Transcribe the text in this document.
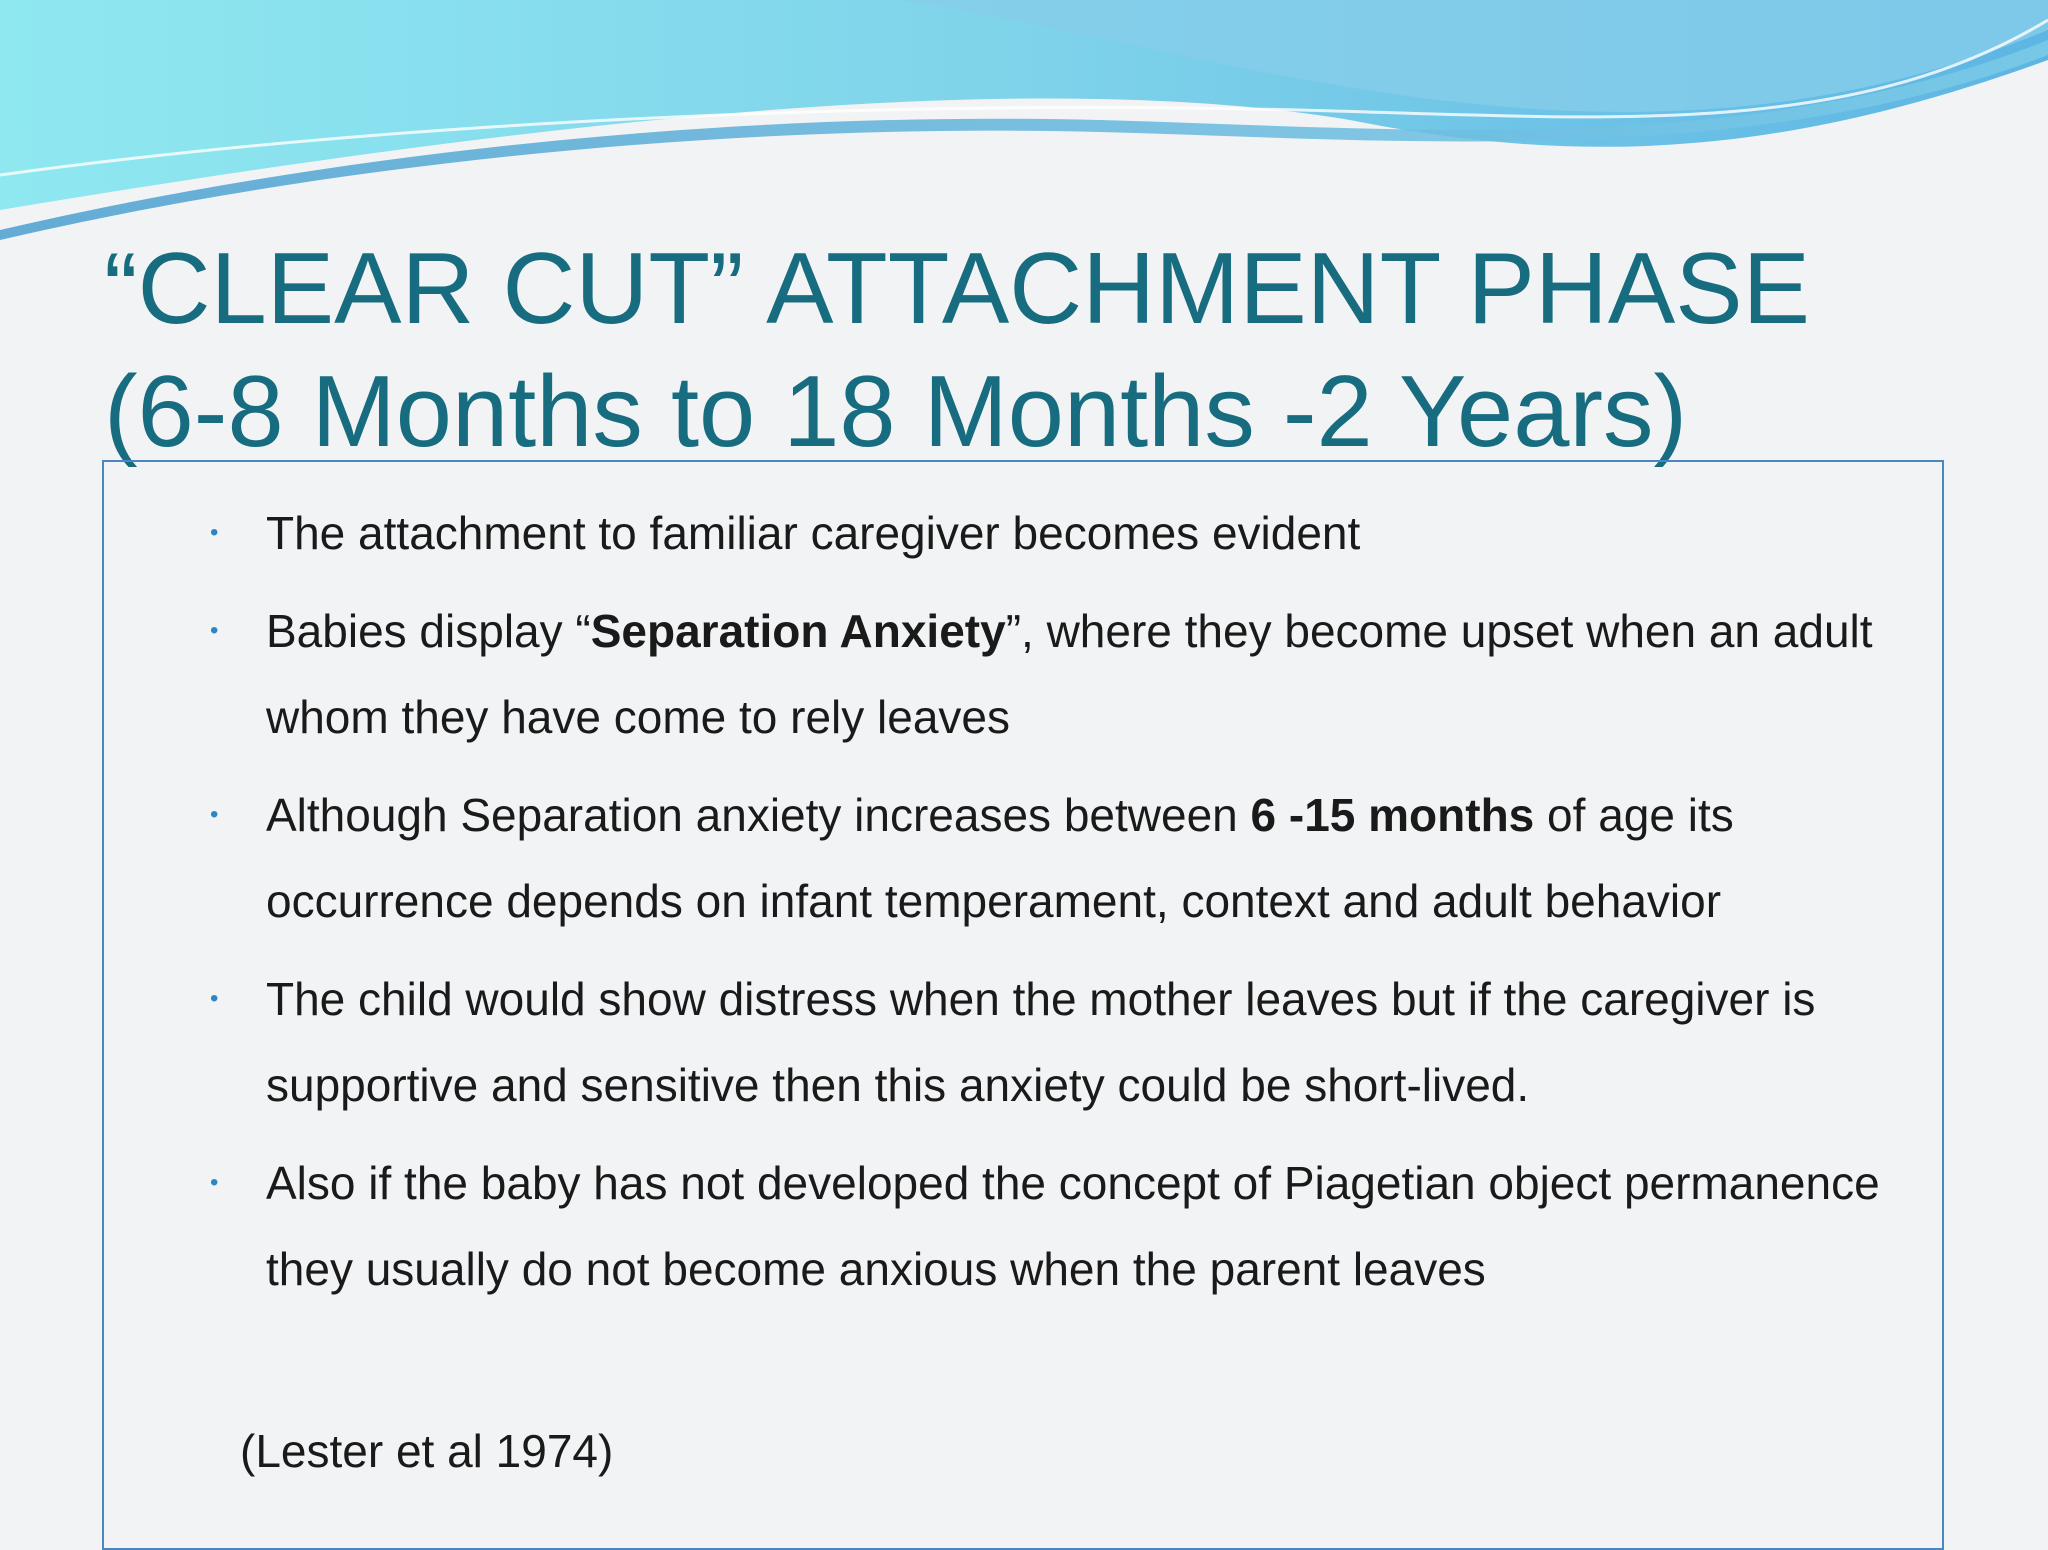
“CLEAR CUT” ATTACHMENT PHASE
(6-8 Months to 18 Months -2 Years)
• The attachment to familiar caregiver becomes evident
• Babies display “Separation Anxiety”, where they become upset when an adult whom they have come to rely leaves
• Although Separation anxiety increases between 6 -15 months of age its occurrence depends on infant temperament, context and adult behavior
• The child would show distress when the mother leaves but if the caregiver is supportive and sensitive then this anxiety could be short-lived.
• Also if the baby has not developed the concept of Piagetian object permanence they usually do not become anxious when the parent leaves
(Lester et al 1974)
